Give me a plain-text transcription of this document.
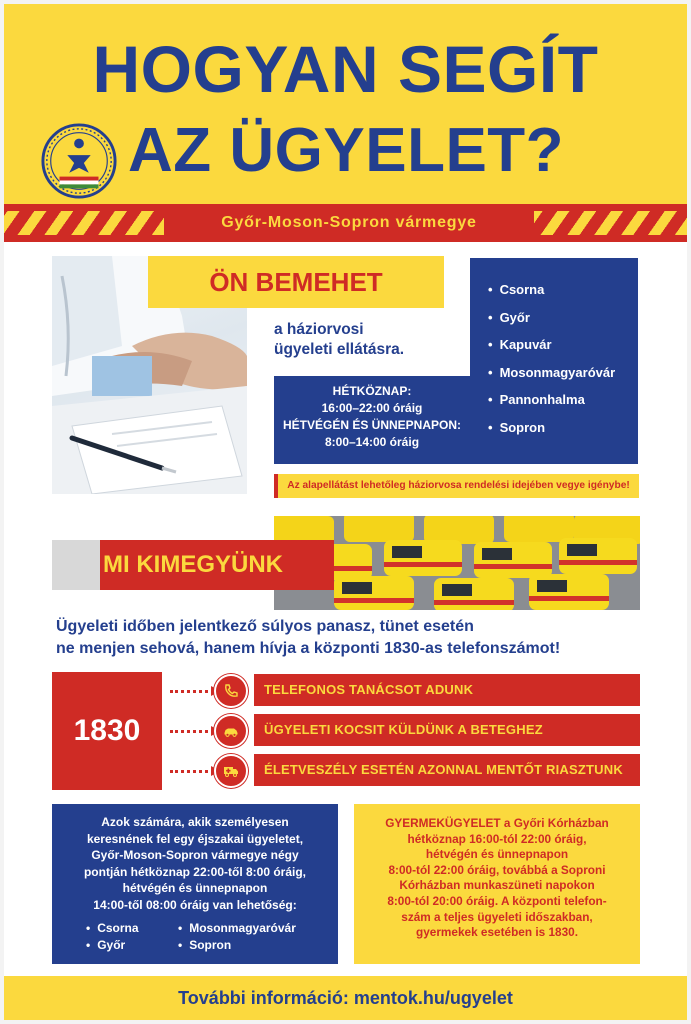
HOGYAN SEGÍT
AZ ÜGYELET?
Győr-Moson-Sopron vármegye
ÖN BEMEHET
a háziorvosi
ügyeleti ellátásra.
HÉTKÖZNAP:
16:00–22:00 óráig
HÉTVÉGÉN ÉS ÜNNEPNAPON:
8:00–14:00 óráig
• Csorna
• Győr
• Kapuvár
• Mosonmagyaróvár
• Pannonhalma
• Sopron
Az alapellátást lehetőleg háziorvosa rendelési idejében vegye igénybe!
MI KIMEGYÜNK
Ügyeleti időben jelentkező súlyos panasz, tünet esetén
ne menjen sehová, hanem hívja a központi 1830-as telefonszámot!
1830
TELEFONOS TANÁCSOT ADUNK
ÜGYELETI KOCSIT KÜLDÜNK A BETEGHEZ
ÉLETVESZÉLY ESETÉN AZONNAL MENTŐT RIASZTUNK
Azok számára, akik személyesen
keresnének fel egy éjszakai ügyeletet,
Győr-Moson-Sopron vármegye négy
pontján hétköznap 22:00-től 8:00 óráig,
hétvégén és ünnepnapon
14:00-től 08:00 óráig van lehetőség:
• Csorna
• Győr
• Mosonmagyaróvár
• Sopron
GYERMEKÜGYELET a Győri Kórházban
hétköznap 16:00-tól 22:00 óráig,
hétvégén és ünnepnapon
8:00-tól 22:00 óráig, továbbá a Soproni
Kórházban munkaszüneti napokon
8:00-tól 20:00 óráig. A központi telefon-
szám a teljes ügyeleti időszakban,
gyermekek esetében is 1830.
További információ: mentok.hu/ugyelet
